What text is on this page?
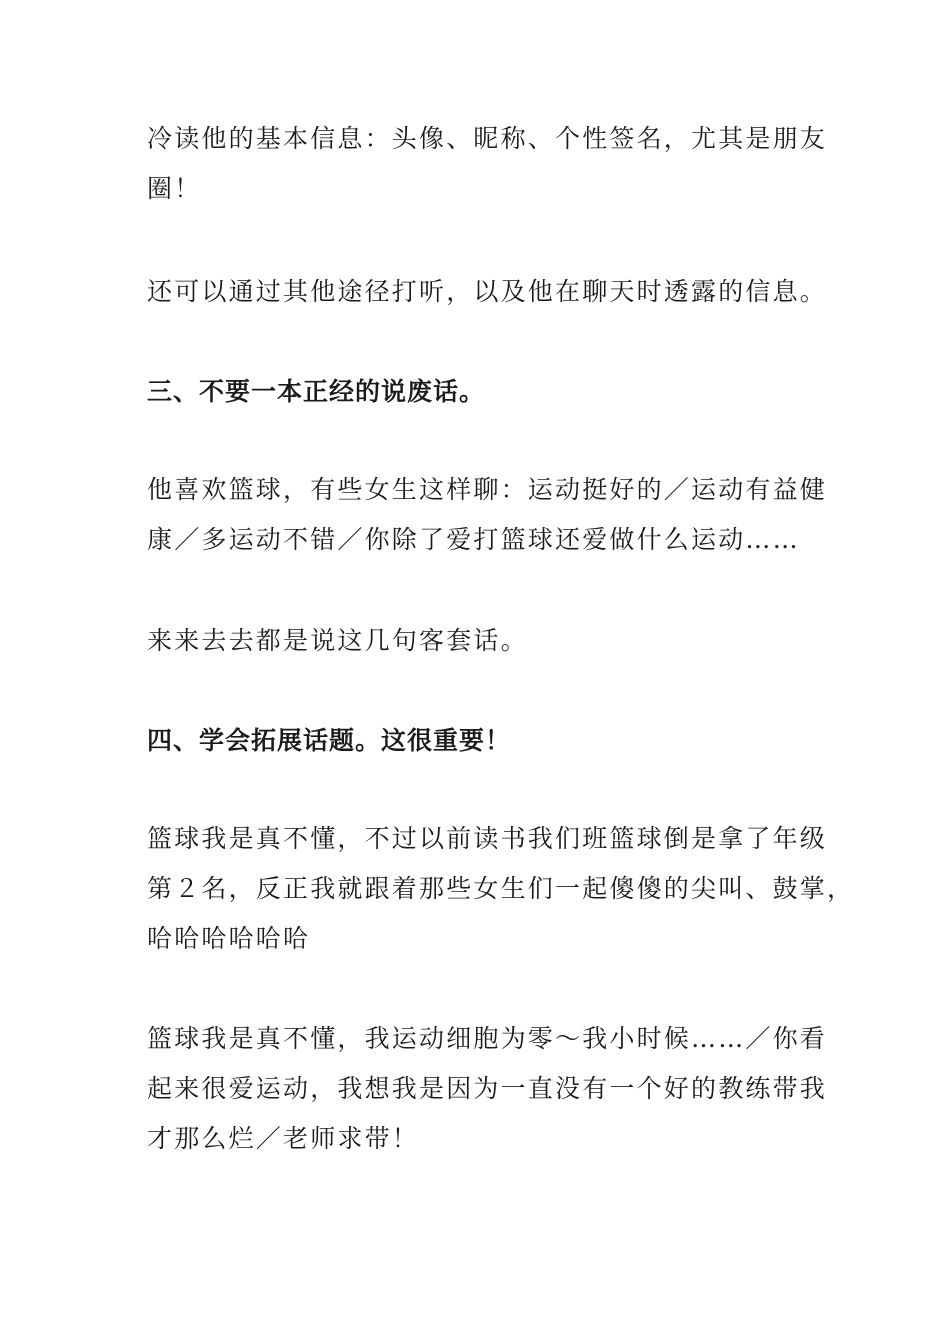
冷读他的基本信息：头像、昵称、个性签名，尤其是朋友
圈！
还可以通过其他途径打听，以及他在聊天时透露的信息。
三、不要一本正经的说废话。
他喜欢篮球，有些女生这样聊：运动挺好的／运动有益健
康／多运动不错／你除了爱打篮球还爱做什么运动……
来来去去都是说这几句客套话。
四、学会拓展话题。这很重要！
篮球我是真不懂，不过以前读书我们班篮球倒是拿了年级
第２名，反正我就跟着那些女生们一起傻傻的尖叫、鼓掌，
哈哈哈哈哈哈
篮球我是真不懂，我运动细胞为零～我小时候……／你看
起来很爱运动，我想我是因为一直没有一个好的教练带我
才那么烂／老师求带！
